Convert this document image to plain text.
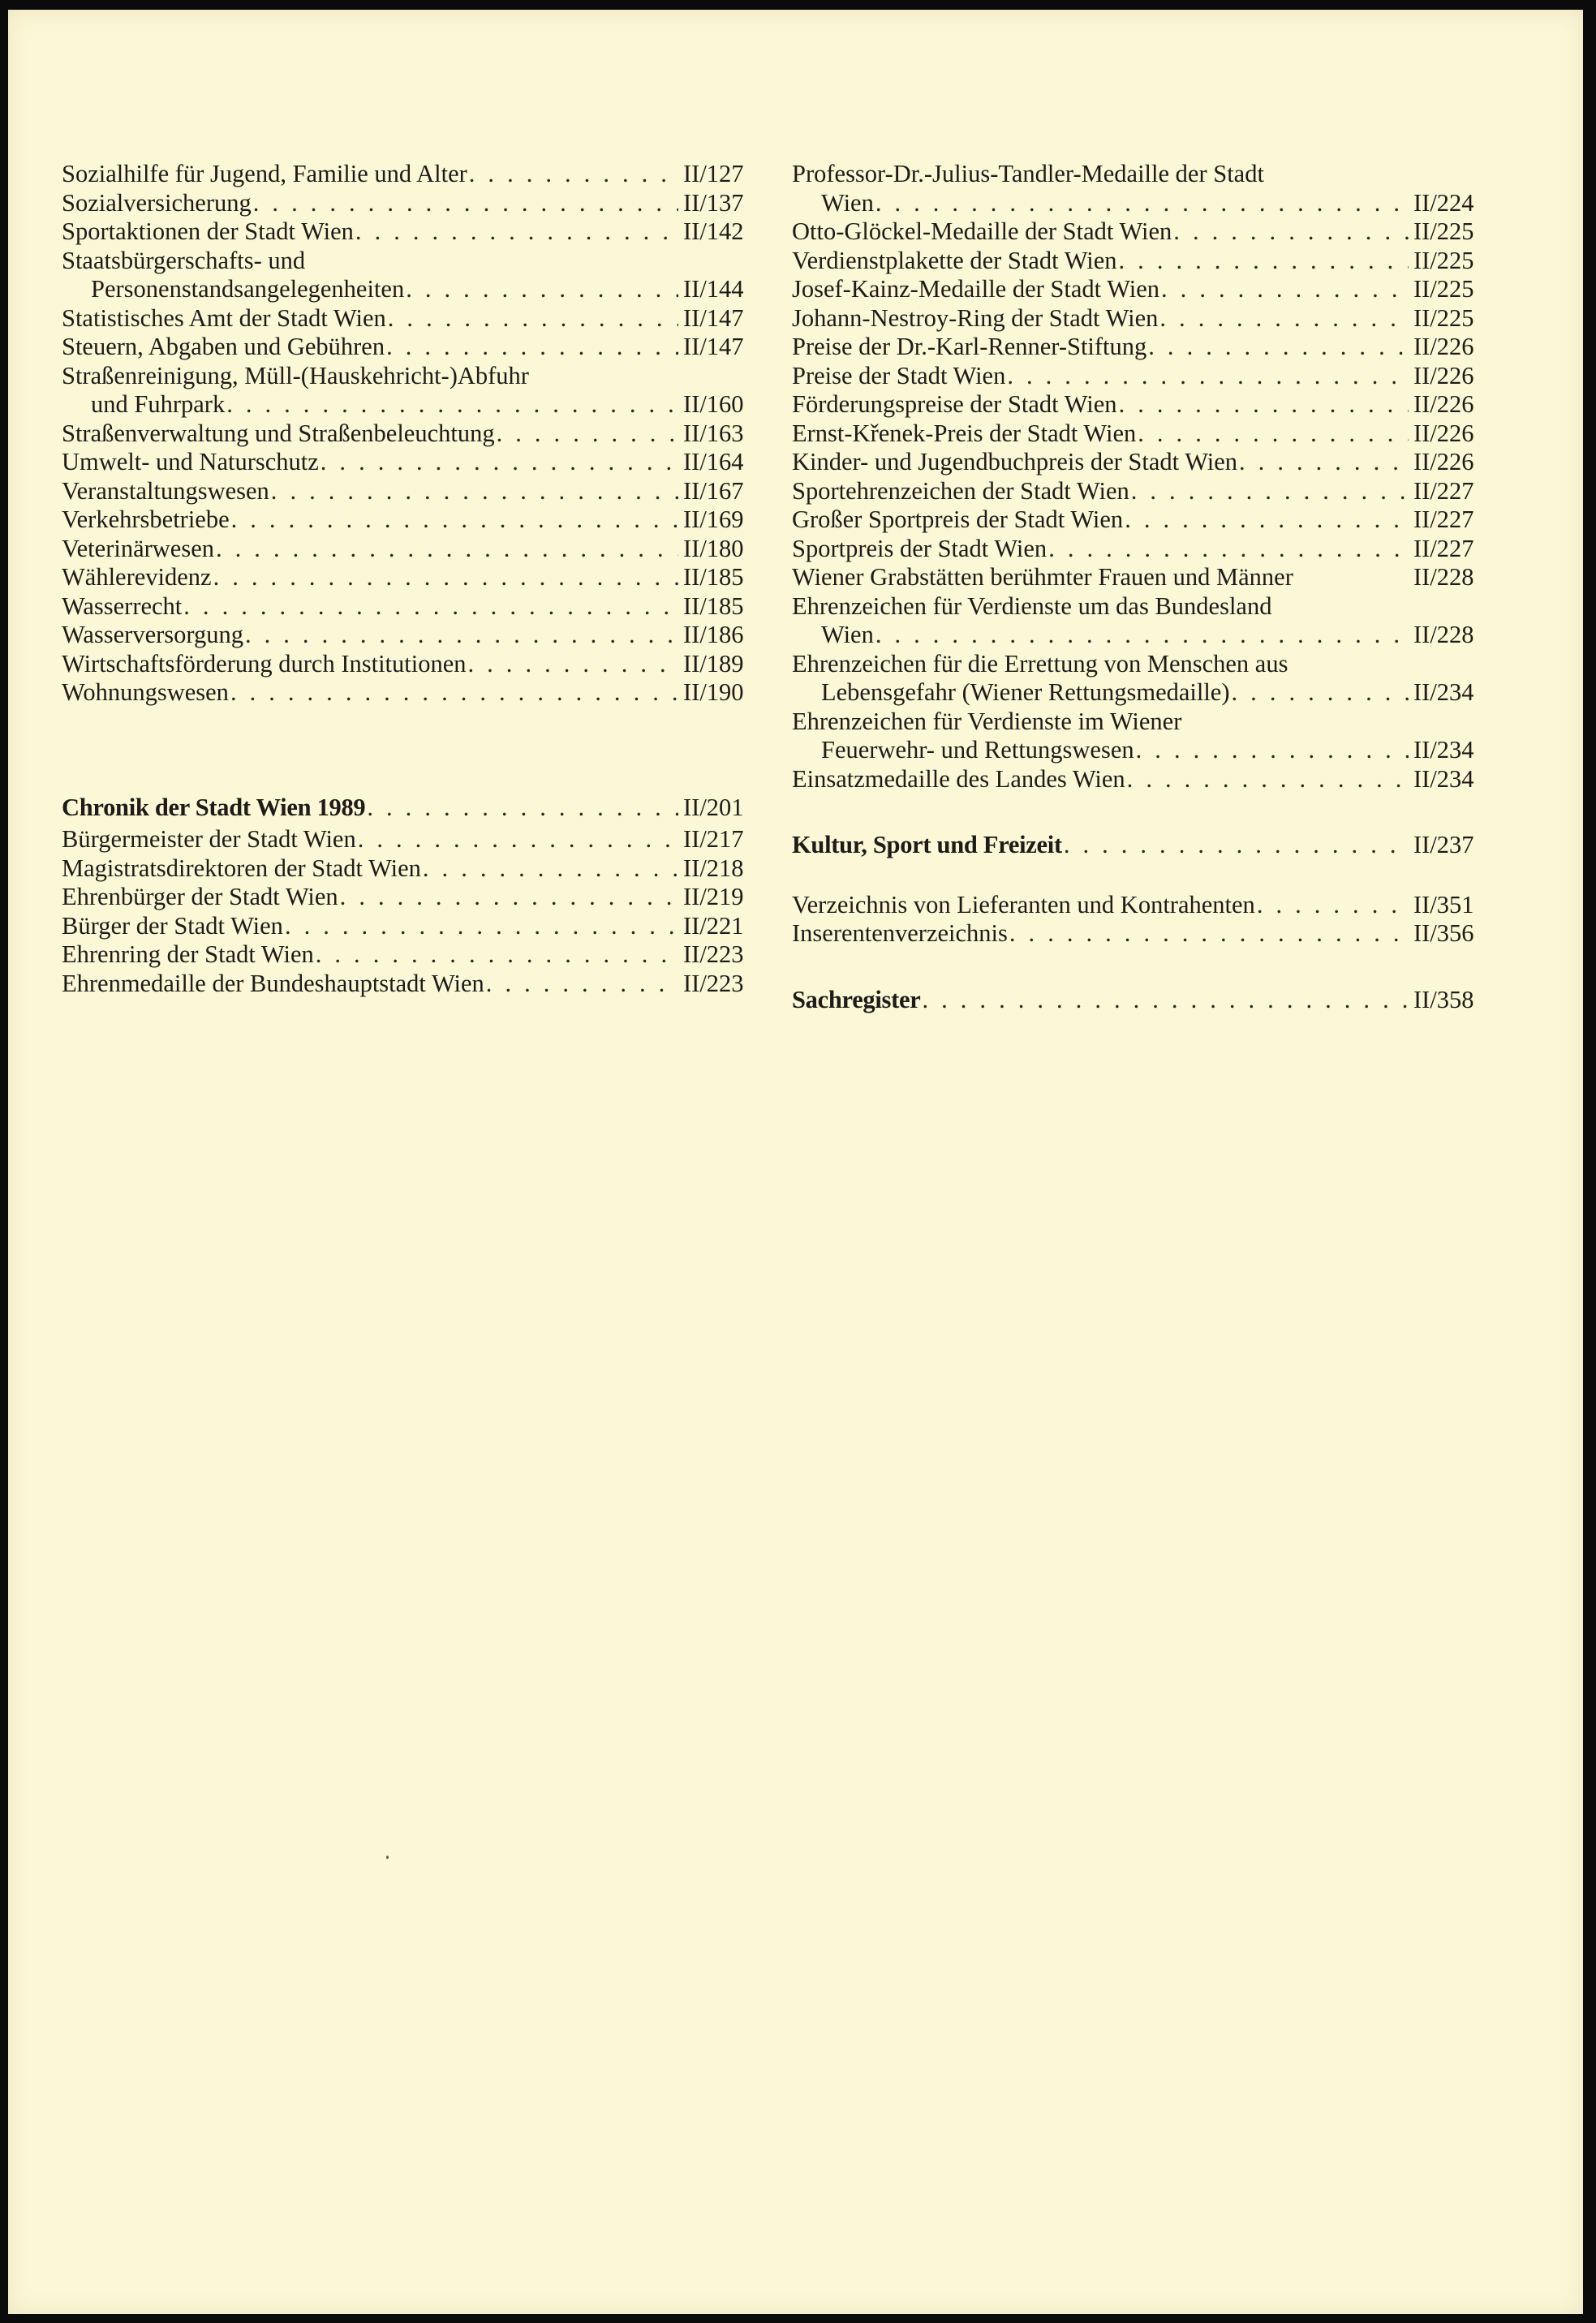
Sozialhilfe für Jugend, Familie und Alter . . .	II/127
Sozialversicherung . . .	II/137
Sportaktionen der Stadt Wien . . .	II/142
Staatsbürgerschafts- und
Personenstandsangelegenheiten . . .	II/144
Statistisches Amt der Stadt Wien . . .	II/147
Steuern, Abgaben und Gebühren . . .	II/147
Straßenreinigung, Müll-(Hauskehricht-)Abfuhr
und Fuhrpark . . .	II/160
Straßenverwaltung und Straßenbeleuchtung . . .	II/163
Umwelt- und Naturschutz . . .	II/164
Veranstaltungswesen . . .	II/167
Verkehrsbetriebe . . .	II/169
Veterinärwesen . . .	II/180
Wählerevidenz . . .	II/185
Wasserrecht . . .	II/185
Wasserversorgung . . .	II/186
Wirtschaftsförderung durch Institutionen . . .	II/189
Wohnungswesen . . .	II/190
Chronik der Stadt Wien 1989 . . .	II/201
Bürgermeister der Stadt Wien . . .	II/217
Magistratsdirektoren der Stadt Wien . . .	II/218
Ehrenbürger der Stadt Wien . . .	II/219
Bürger der Stadt Wien . . .	II/221
Ehrenring der Stadt Wien . . .	II/223
Ehrenmedaille der Bundeshauptstadt Wien . . .	II/223
Professor-Dr.-Julius-Tandler-Medaille der Stadt
Wien . . .	II/224
Otto-Glöckel-Medaille der Stadt Wien . . .	II/225
Verdienstplakette der Stadt Wien . . .	II/225
Josef-Kainz-Medaille der Stadt Wien . . .	II/225
Johann-Nestroy-Ring der Stadt Wien . . .	II/225
Preise der Dr.-Karl-Renner-Stiftung . . .	II/226
Preise der Stadt Wien . . .	II/226
Förderungspreise der Stadt Wien . . .	II/226
Ernst-Křenek-Preis der Stadt Wien . . .	II/226
Kinder- und Jugendbuchpreis der Stadt Wien . . .	II/226
Sportehrenzeichen der Stadt Wien . . .	II/227
Großer Sportpreis der Stadt Wien . . .	II/227
Sportpreis der Stadt Wien . . .	II/227
Wiener Grabstätten berühmter Frauen und Männer	II/228
Ehrenzeichen für Verdienste um das Bundesland
Wien . . .	II/228
Ehrenzeichen für die Errettung von Menschen aus
Lebensgefahr (Wiener Rettungsmedaille) . . .	II/234
Ehrenzeichen für Verdienste im Wiener
Feuerwehr- und Rettungswesen . . .	II/234
Einsatzmedaille des Landes Wien . . .	II/234
Kultur, Sport und Freizeit . . .	II/237
Verzeichnis von Lieferanten und Kontrahenten . . .	II/351
Inserentenverzeichnis . . .	II/356
Sachregister . . .	II/358
